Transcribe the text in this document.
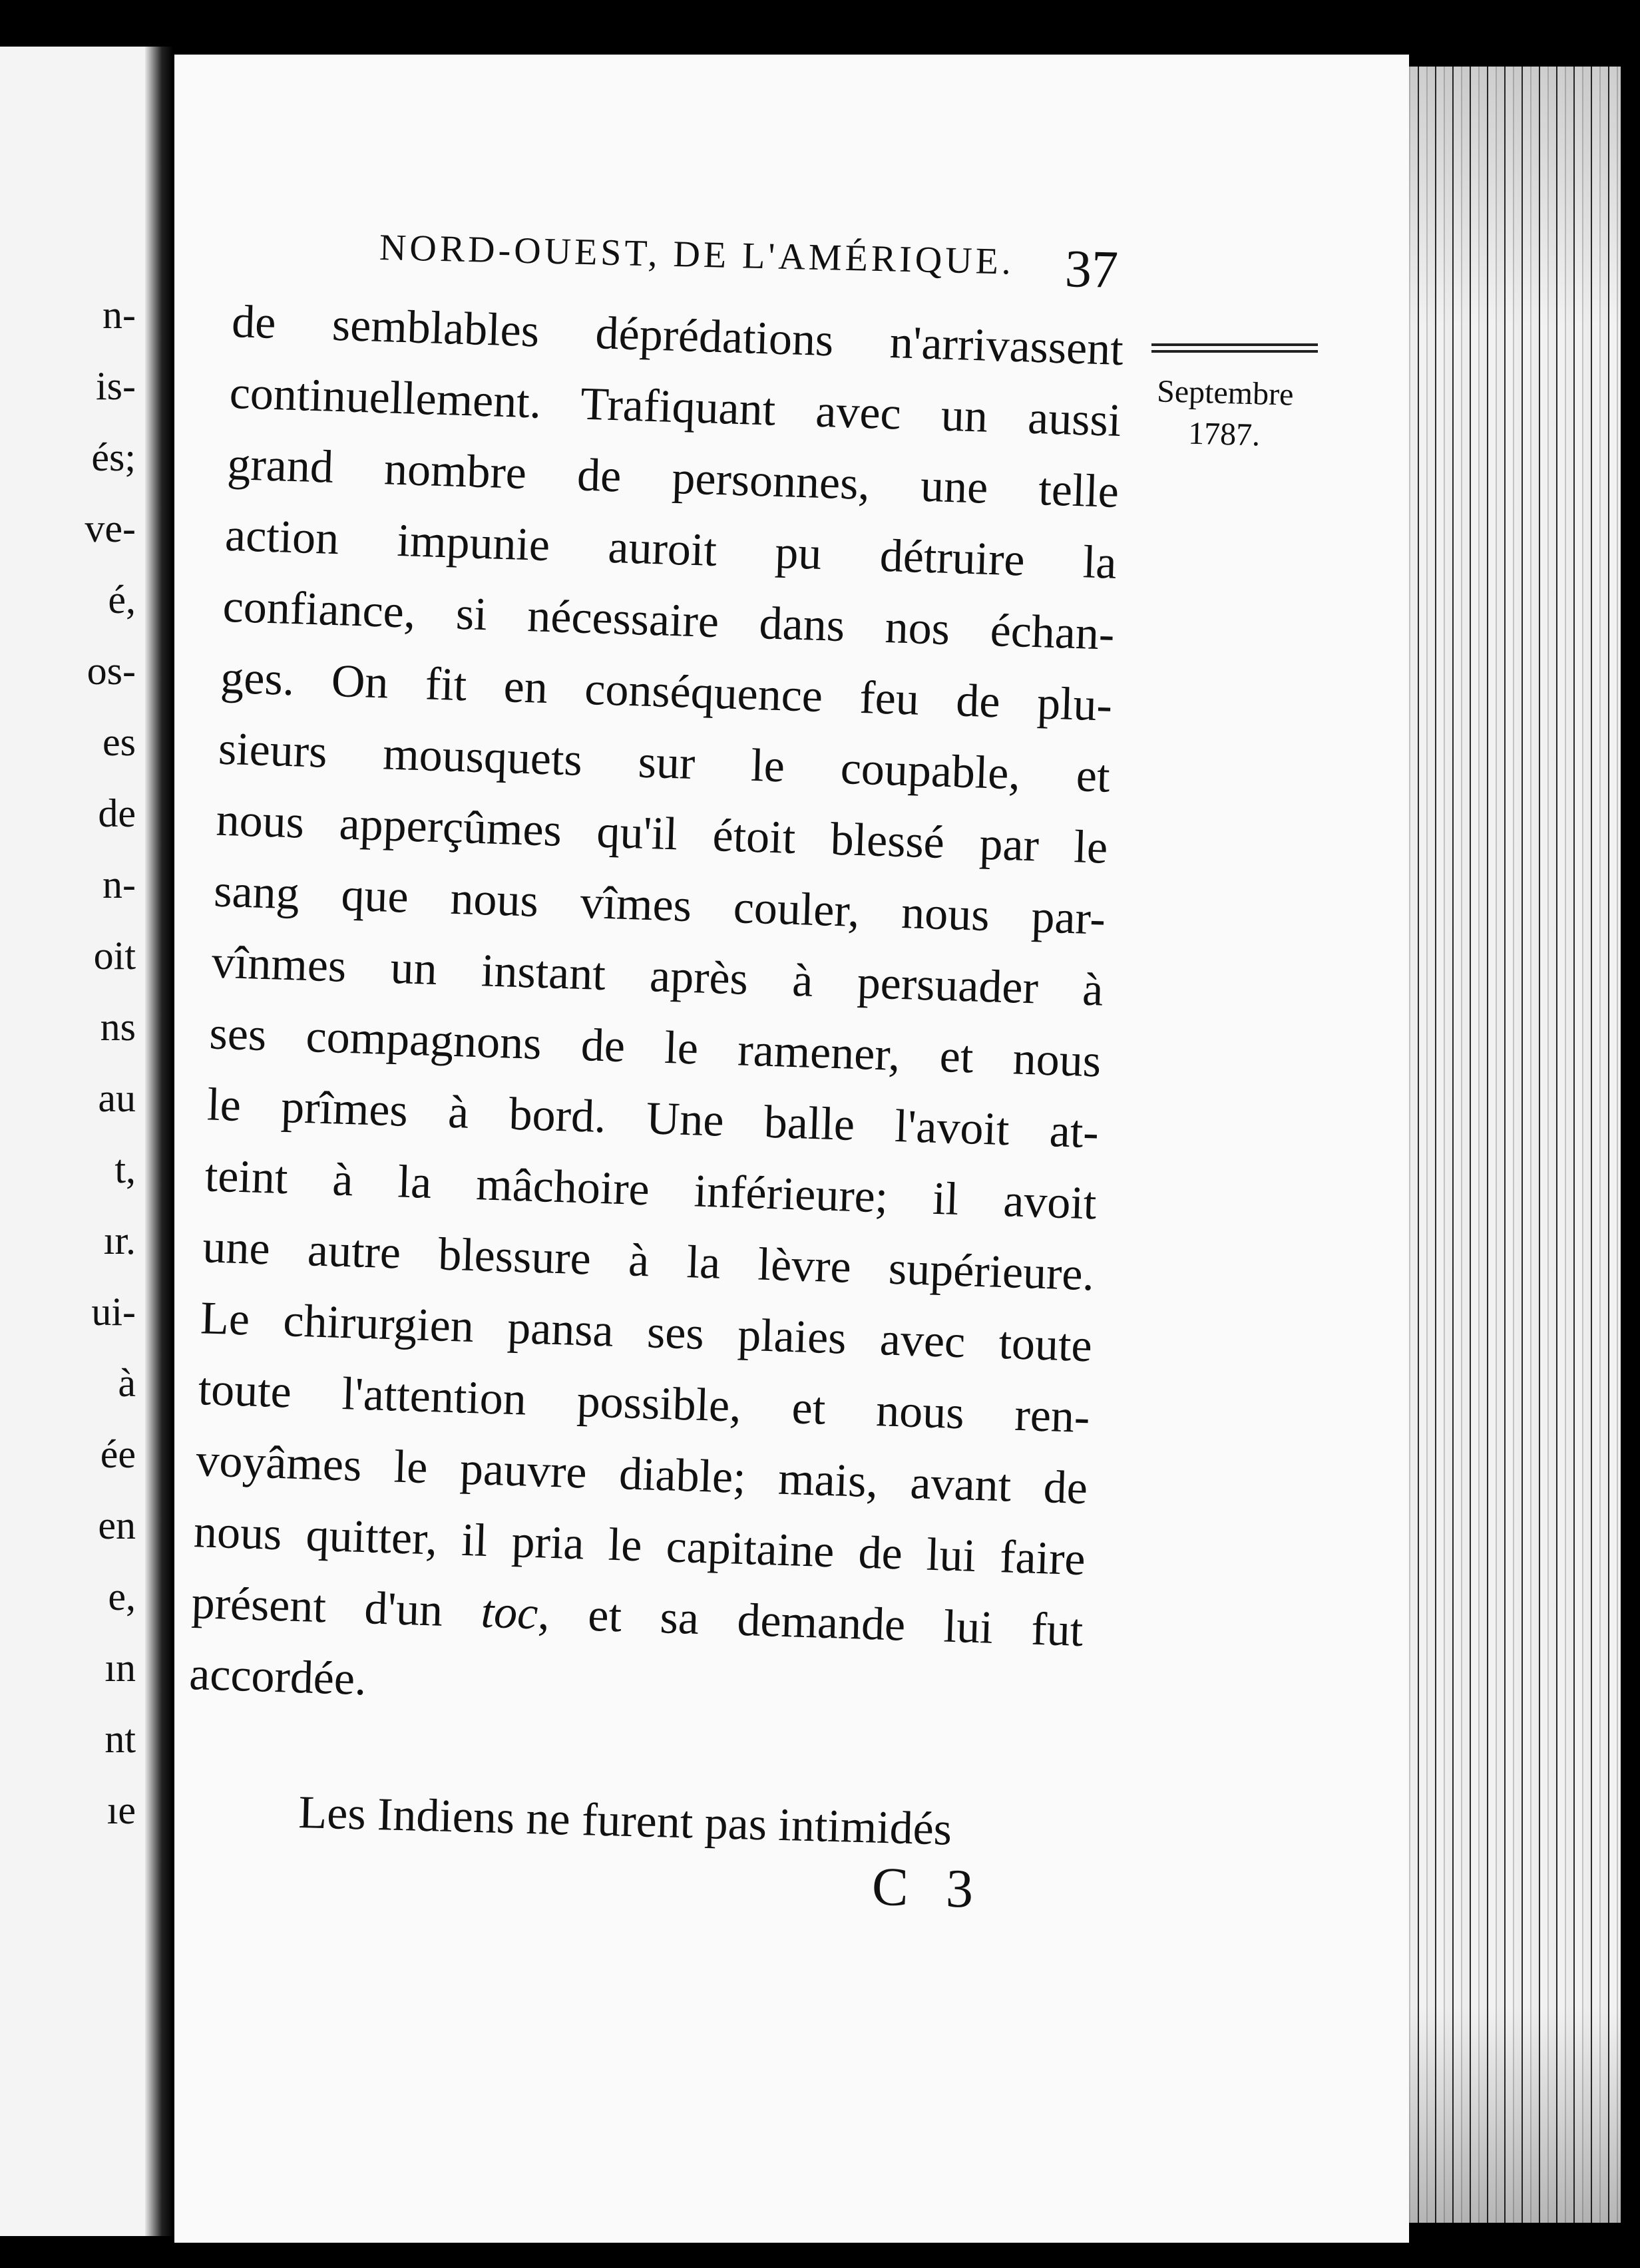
n-
is-
és;
ve-
é,
os-
es
de
n-
oit
ns
au
t,
ır.
ui-
à
ée
en
e,
ın
nt
ıe
NORD-OUEST, DE L'AMÉRIQUE. 37
Septembre
1787.
de semblables déprédations n'arrivassent
continuellement. Trafiquant avec un aussi
grand nombre de personnes, une telle
action impunie auroit pu détruire la
confiance, si nécessaire dans nos échan-
ges. On fit en conséquence feu de plu-
sieurs mousquets sur le coupable, et
nous apperçûmes qu'il étoit blessé par le
sang que nous vîmes couler, nous par-
vînmes un instant après à persuader à
ses compagnons de le ramener, et nous
le prîmes à bord. Une balle l'avoit at-
teint à la mâchoire inférieure; il avoit
une autre blessure à la lèvre supérieure.
Le chirurgien pansa ses plaies avec toute
toute l'attention possible, et nous ren-
voyâmes le pauvre diable; mais, avant de
nous quitter, il pria le capitaine de lui faire
présent d'un toc, et sa demande lui fut
accordée.
Les Indiens ne furent pas intimidés
C 3
